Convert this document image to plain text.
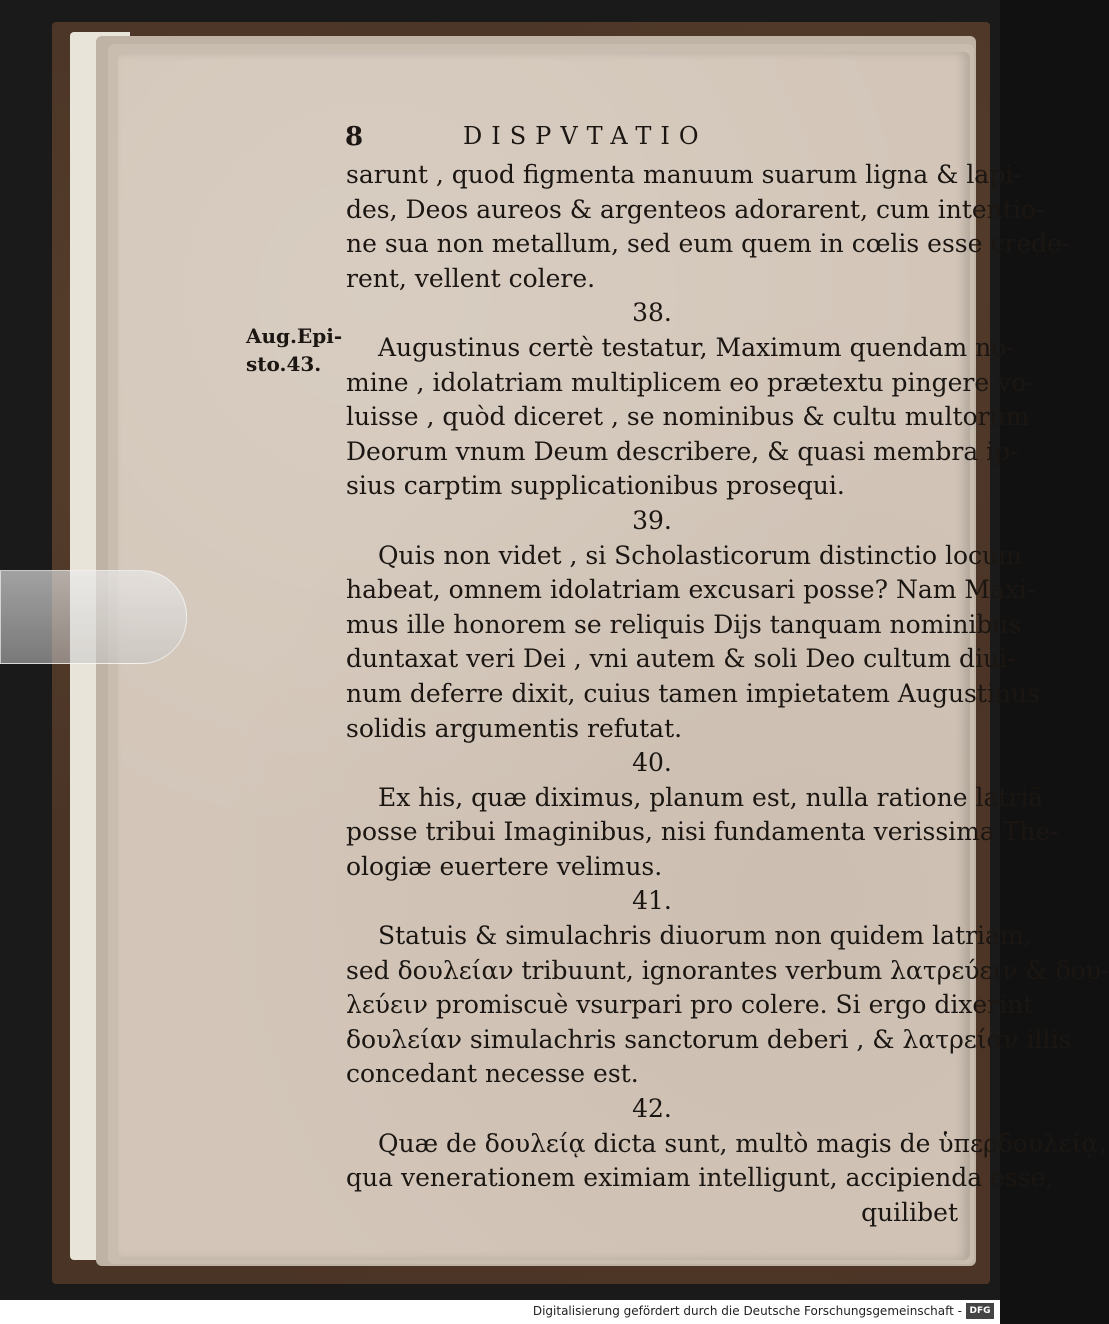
8	DISPVTATIO
Aug.Epi-
sto.43.
sarunt , quod figmenta manuum suarum ligna & lapi-
des, Deos aureos & argenteos adorarent, cum intentio-
ne sua non metallum, sed eum quem in cœlis esse crede-
rent, vellent colere.
38.
Augustinus certè testatur, Maximum quendam no-
mine , idolatriam multiplicem eo prætextu pingere vo-
luisse , quòd diceret , se nominibus & cultu multorum
Deorum vnum Deum describere, & quasi membra ip-
sius carptim supplicationibus prosequi.
39.
Quis non videt , si Scholasticorum distinctio locum
habeat, omnem idolatriam excusari posse? Nam Maxi-
mus ille honorem se reliquis Dijs tanquam nominibus
duntaxat veri Dei , vni autem & soli Deo cultum diui-
num deferre dixit, cuius tamen impietatem Augustinus
solidis argumentis refutat.
40.
Ex his, quæ diximus, planum est, nulla ratione latriã
posse tribui Imaginibus, nisi fundamenta verissima The-
ologiæ euertere velimus.
41.
Statuis & simulachris diuorum non quidem latriam,
sed δουλείαν tribuunt, ignorantes verbum λατρεύειν & δου-
λεύειν promiscuè vsurpari pro colere. Si ergo dixerint
δουλείαν simulachris sanctorum deberi , & λατρείαν illis
concedant necesse est.
42.
Quæ de δουλείᾳ dicta sunt, multò magis de ὑπερδουλείᾳ,
qua venerationem eximiam intelligunt, accipienda esse,
quilibet
Digitalisierung gefördert durch die Deutsche Forschungsgemeinschaft - DFG
